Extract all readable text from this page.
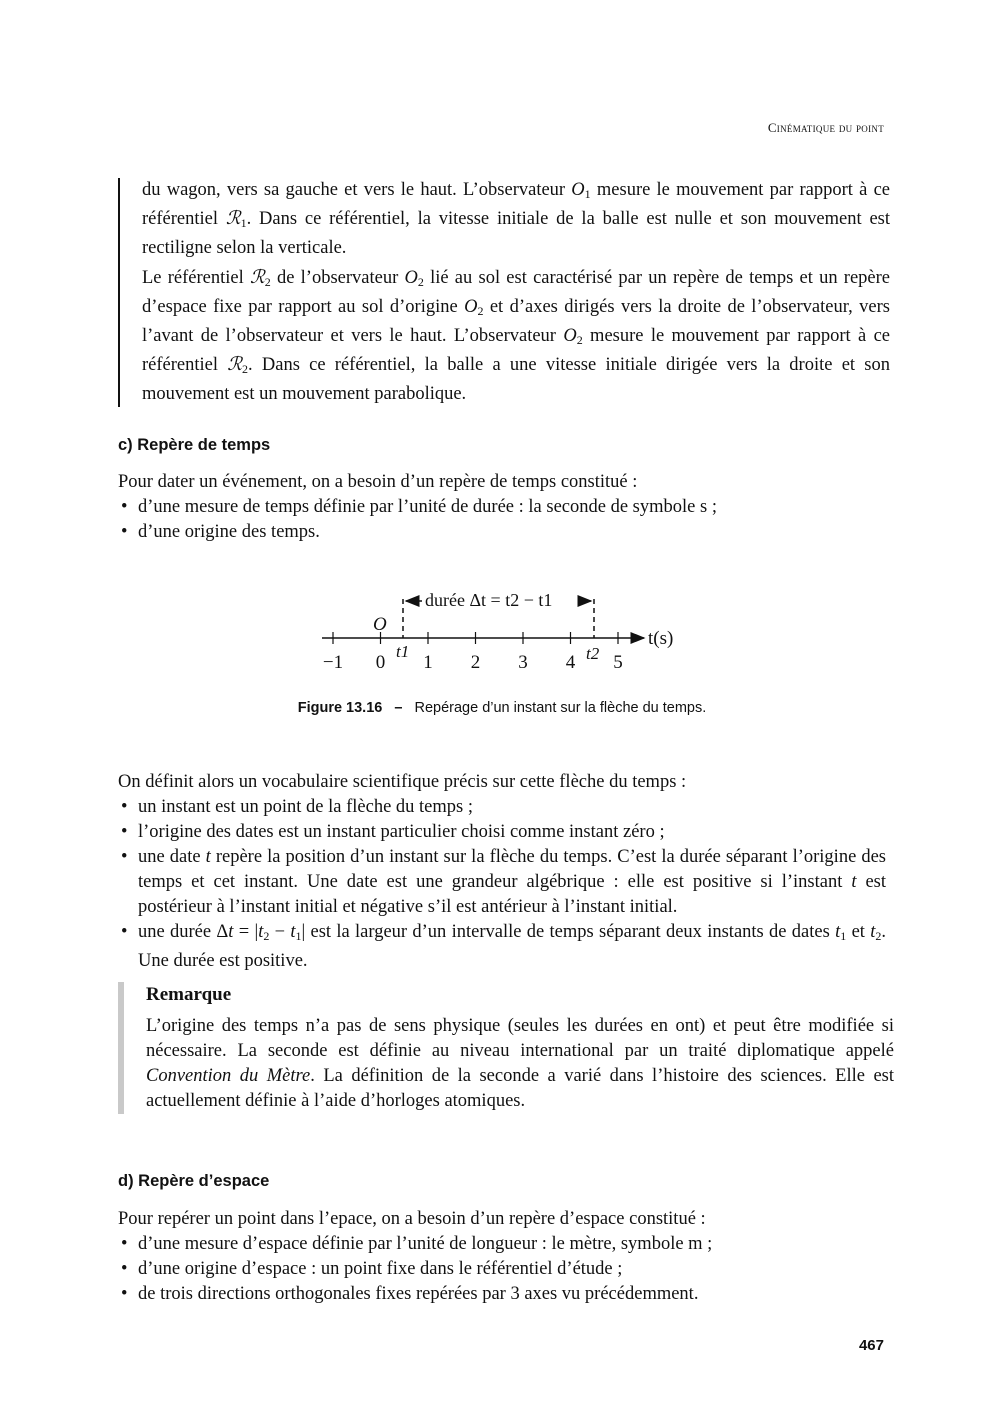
Cinématique du point

du wagon, vers sa gauche et vers le haut. L’observateur $O_1$ mesure le mouvement par rapport à ce référentiel ℛ$_1$. Dans ce référentiel, la vitesse initiale de la balle est nulle et son mouvement est rectiligne selon la verticale.

Le référentiel ℛ$_2$ de l’observateur $O_2$ lié au sol est caractérisé par un repère de temps et un repère d’espace fixe par rapport au sol d’origine $O_2$ et d’axes dirigés vers la droite de l’observateur, vers l’avant de l’observateur et vers le haut. L’observateur $O_2$ mesure le mouvement par rapport à ce référentiel ℛ$_2$. Dans ce référentiel, la balle a une vitesse initiale dirigée vers la droite et son mouvement est un mouvement parabolique.

c) Repère de temps

Pour dater un événement, on a besoin d’un repère de temps constitué :

• d’une mesure de temps définie par l’unité de durée : la seconde de symbole s ;
• d’une origine des temps.
−1 0 1 2 3 4 5
durée Δt = t2 − t1
O
t(s)
t1	t2
Figure 13.16 – Repérage d’un instant sur la flèche du temps.

On définit alors un vocabulaire scientifique précis sur cette flèche du temps :

• un instant est un point de la flèche du temps ;
• l’origine des dates est un instant particulier choisi comme instant zéro ;
• une date t repère la position d’un instant sur la flèche du temps. C’est la durée séparant l’origine des temps et cet instant. Une date est une grandeur algébrique : elle est positive si l’instant t est postérieur à l’instant initial et négative s’il est antérieur à l’instant initial.
• une durée $\Delta t = |t_2 - t_1|$ est la largeur d’un intervalle de temps séparant deux instants de dates $t_1$ et $t_2$. Une durée est positive.

Remarque

L’origine des temps n’a pas de sens physique (seules les durées en ont) et peut être modifiée si nécessaire. La seconde est définie au niveau international par un traité diplomatique appelé Convention du Mètre. La définition de la seconde a varié dans l’histoire des sciences. Elle est actuellement définie à l’aide d’horloges atomiques.

d) Repère d’espace

Pour repérer un point dans l’epace, on a besoin d’un repère d’espace constitué :

• d’une mesure d’espace définie par l’unité de longueur : le mètre, symbole m ;
• d’une origine d’espace : un point fixe dans le référentiel d’étude ;
• de trois directions orthogonales fixes repérées par 3 axes vu précédemment.
467
